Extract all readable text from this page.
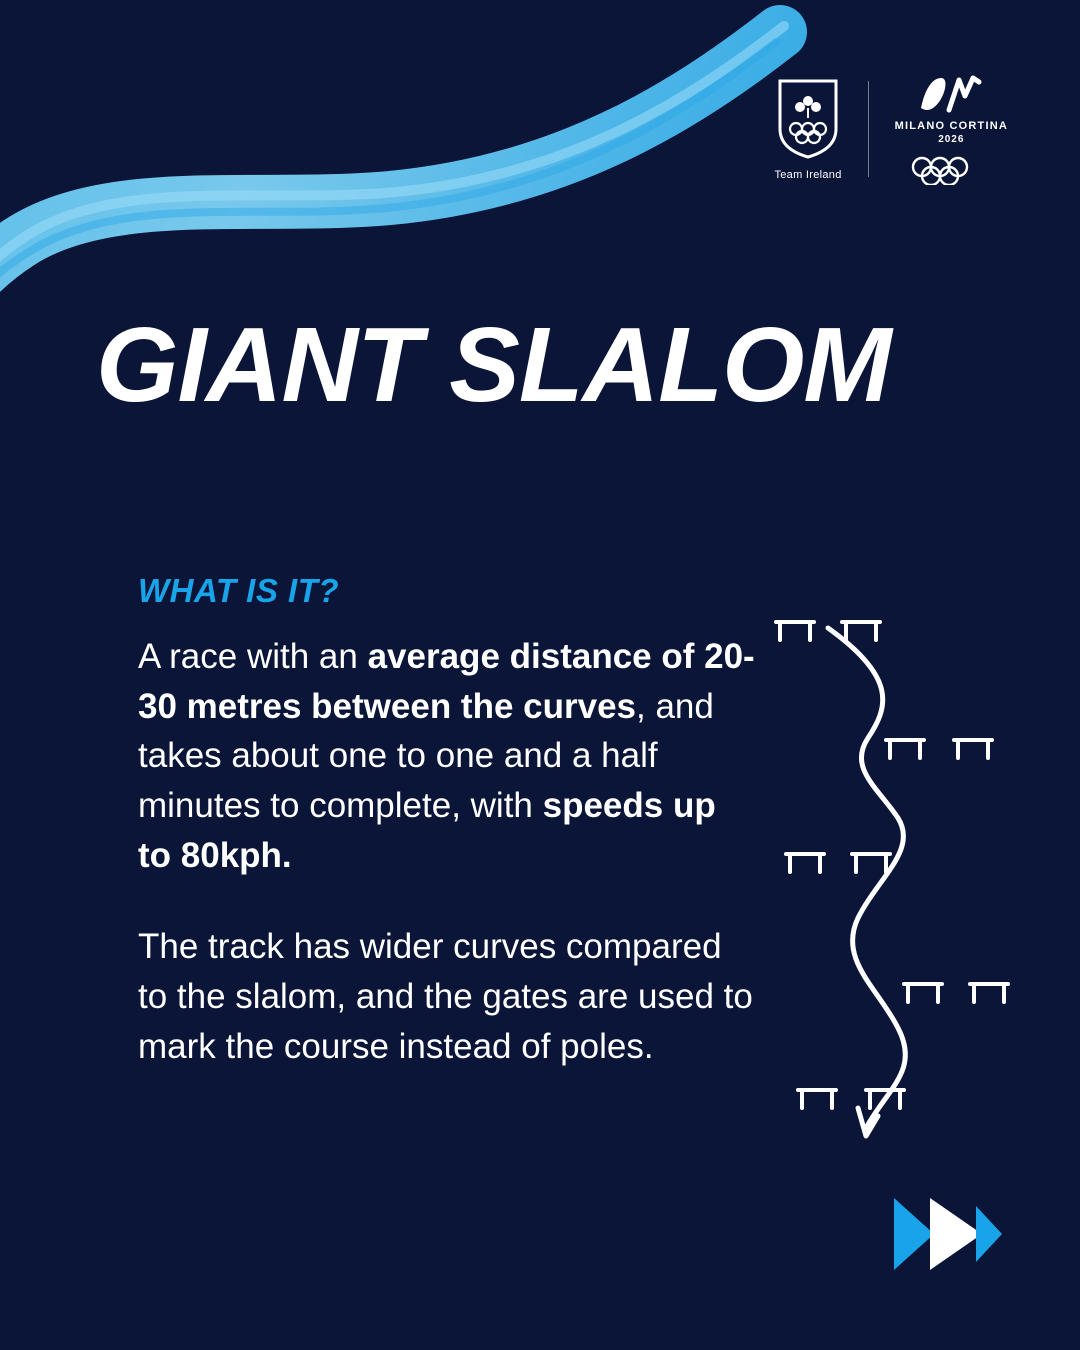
Team Ireland
MILANO CORTINA
2026
GIANT SLALOM
WHAT IS IT?
A race with an average distance of 20-30 metres between the curves, and takes about one to one and a half minutes to complete, with speeds up to 80kph.
The track has wider curves compared to the slalom, and the gates are used to mark the course instead of poles.
